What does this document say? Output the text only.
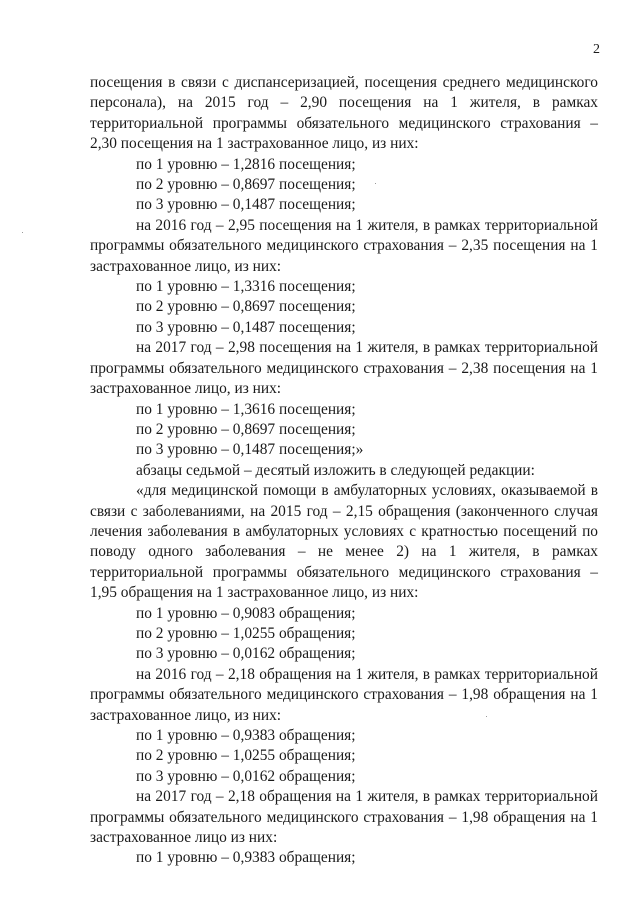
2

посещения в связи с диспансеризацией, посещения среднего медицинского персонала), на 2015 год – 2,90 посещения на 1 жителя, в рамках территориальной программы обязательного медицинского страхования – 2,30 посещения на 1 застрахованное лицо, из них:

по 1 уровню – 1,2816 посещения;

по 2 уровню – 0,8697 посещения;

по 3 уровню – 0,1487 посещения;

на 2016 год – 2,95 посещения на 1 жителя, в рамках территориальной программы обязательного медицинского страхования – 2,35 посещения на 1 застрахованное лицо, из них:

по 1 уровню – 1,3316 посещения;

по 2 уровню – 0,8697 посещения;

по 3 уровню – 0,1487 посещения;

на 2017 год – 2,98 посещения на 1 жителя, в рамках территориальной программы обязательного медицинского страхования – 2,38 посещения на 1 застрахованное лицо, из них:

по 1 уровню – 1,3616 посещения;

по 2 уровню – 0,8697 посещения;

по 3 уровню – 0,1487 посещения;»

абзацы седьмой – десятый изложить в следующей редакции:

«для медицинской помощи в амбулаторных условиях, оказываемой в связи с заболеваниями, на 2015 год – 2,15 обращения (законченного случая лечения заболевания в амбулаторных условиях с кратностью посещений по поводу одного заболевания – не менее 2) на 1 жителя, в рамках территориальной программы обязательного медицинского страхования – 1,95 обращения на 1 застрахованное лицо, из них:

по 1 уровню – 0,9083 обращения;

по 2 уровню – 1,0255 обращения;

по 3 уровню – 0,0162 обращения;

на 2016 год – 2,18 обращения на 1 жителя, в рамках территориальной программы обязательного медицинского страхования – 1,98 обращения на 1 застрахованное лицо, из них:

по 1 уровню – 0,9383 обращения;

по 2 уровню – 1,0255 обращения;

по 3 уровню – 0,0162 обращения;

на 2017 год – 2,18 обращения на 1 жителя, в рамках территориальной программы обязательного медицинского страхования – 1,98 обращения на 1 застрахованное лицо из них:

по 1 уровню – 0,9383 обращения;
